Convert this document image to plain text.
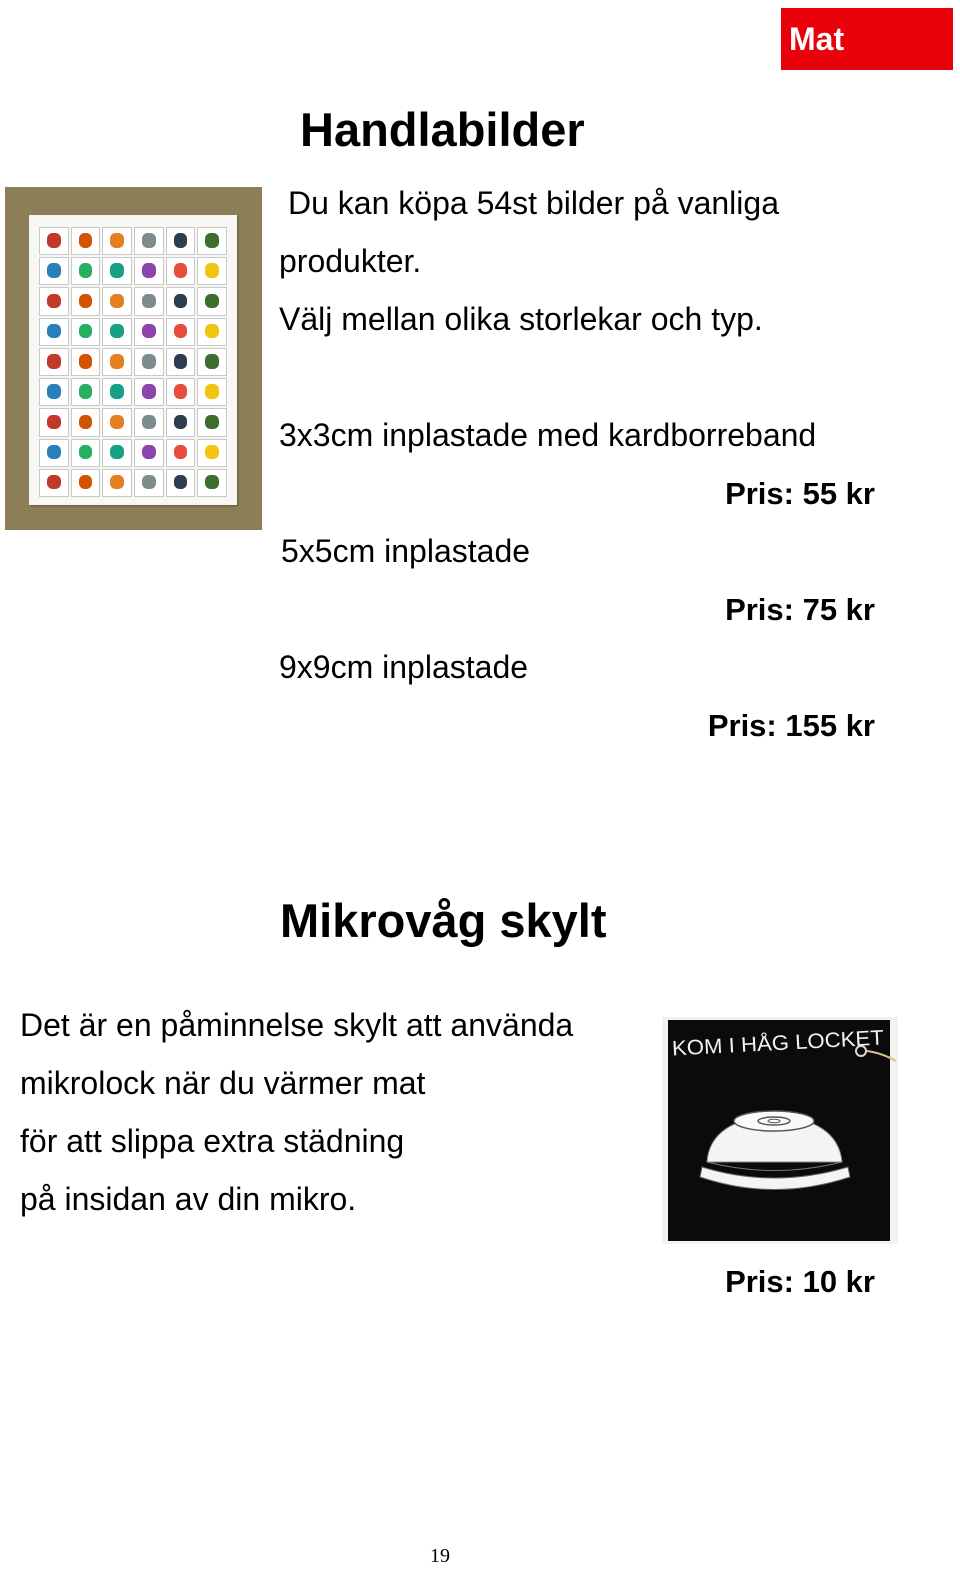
Mat
Handlabilder
Du kan köpa 54st bilder på vanliga
produkter.
Välj mellan olika storlekar och typ.
3x3cm inplastade med kardborreband
Pris: 55 kr
5x5cm inplastade
Pris: 75 kr
9x9cm inplastade
Pris: 155 kr
Mikrovåg skylt
Det är en påminnelse skylt att använda
mikrolock när du värmer mat
för att slippa extra städning
på insidan av din mikro.
KOM I HÅG LOCKET
Pris: 10 kr
19
